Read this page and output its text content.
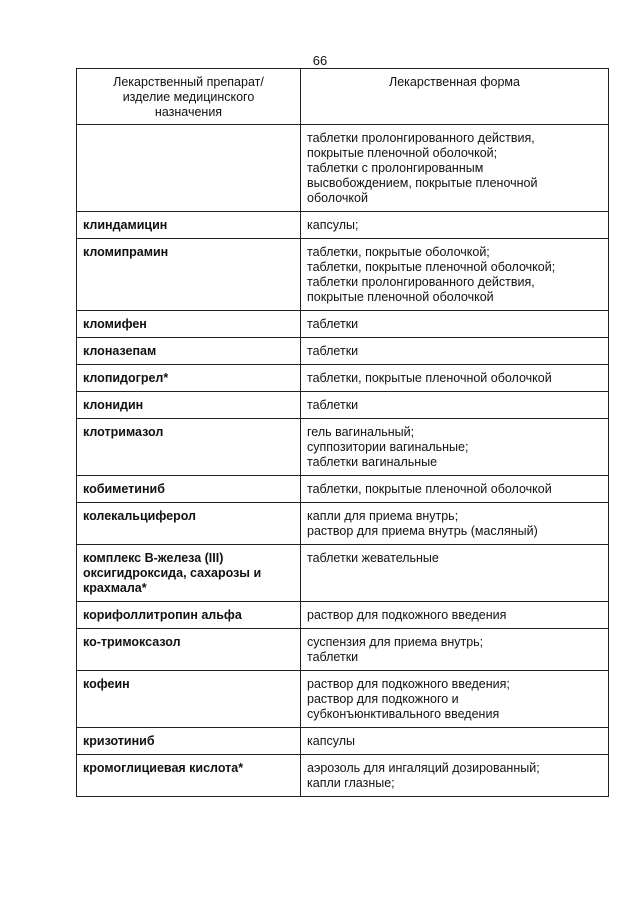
66
Лекарственный препарат/
изделие медицинского
назначения	Лекарственная форма

	таблетки пролонгированного действия,
покрытые пленочной оболочкой;
таблетки с пролонгированным
высвобождением, покрытые пленочной
оболочкой

клиндамицин	капсулы;

кломипрамин	таблетки, покрытые оболочкой;
таблетки, покрытые пленочной оболочкой;
таблетки пролонгированного действия,
покрытые пленочной оболочкой

кломифен	таблетки

клоназепам	таблетки

клопидогрел*	таблетки, покрытые пленочной оболочкой

клонидин	таблетки

клотримазол	гель вагинальный;
суппозитории вагинальные;
таблетки вагинальные

кобиметиниб	таблетки, покрытые пленочной оболочкой

колекальциферол	капли для приема внутрь;
раствор для приема внутрь (масляный)

комплекс В-железа (III)
оксигидроксида, сахарозы и
крахмала*	таблетки жевательные

корифоллитропин альфа	раствор для подкожного введения

ко-тримоксазол	суспензия для приема внутрь;
таблетки

кофеин	раствор для подкожного введения;
раствор для подкожного и
субконъюнктивального введения

кризотиниб	капсулы

кромоглициевая кислота*	аэрозоль для ингаляций дозированный;
капли глазные;
